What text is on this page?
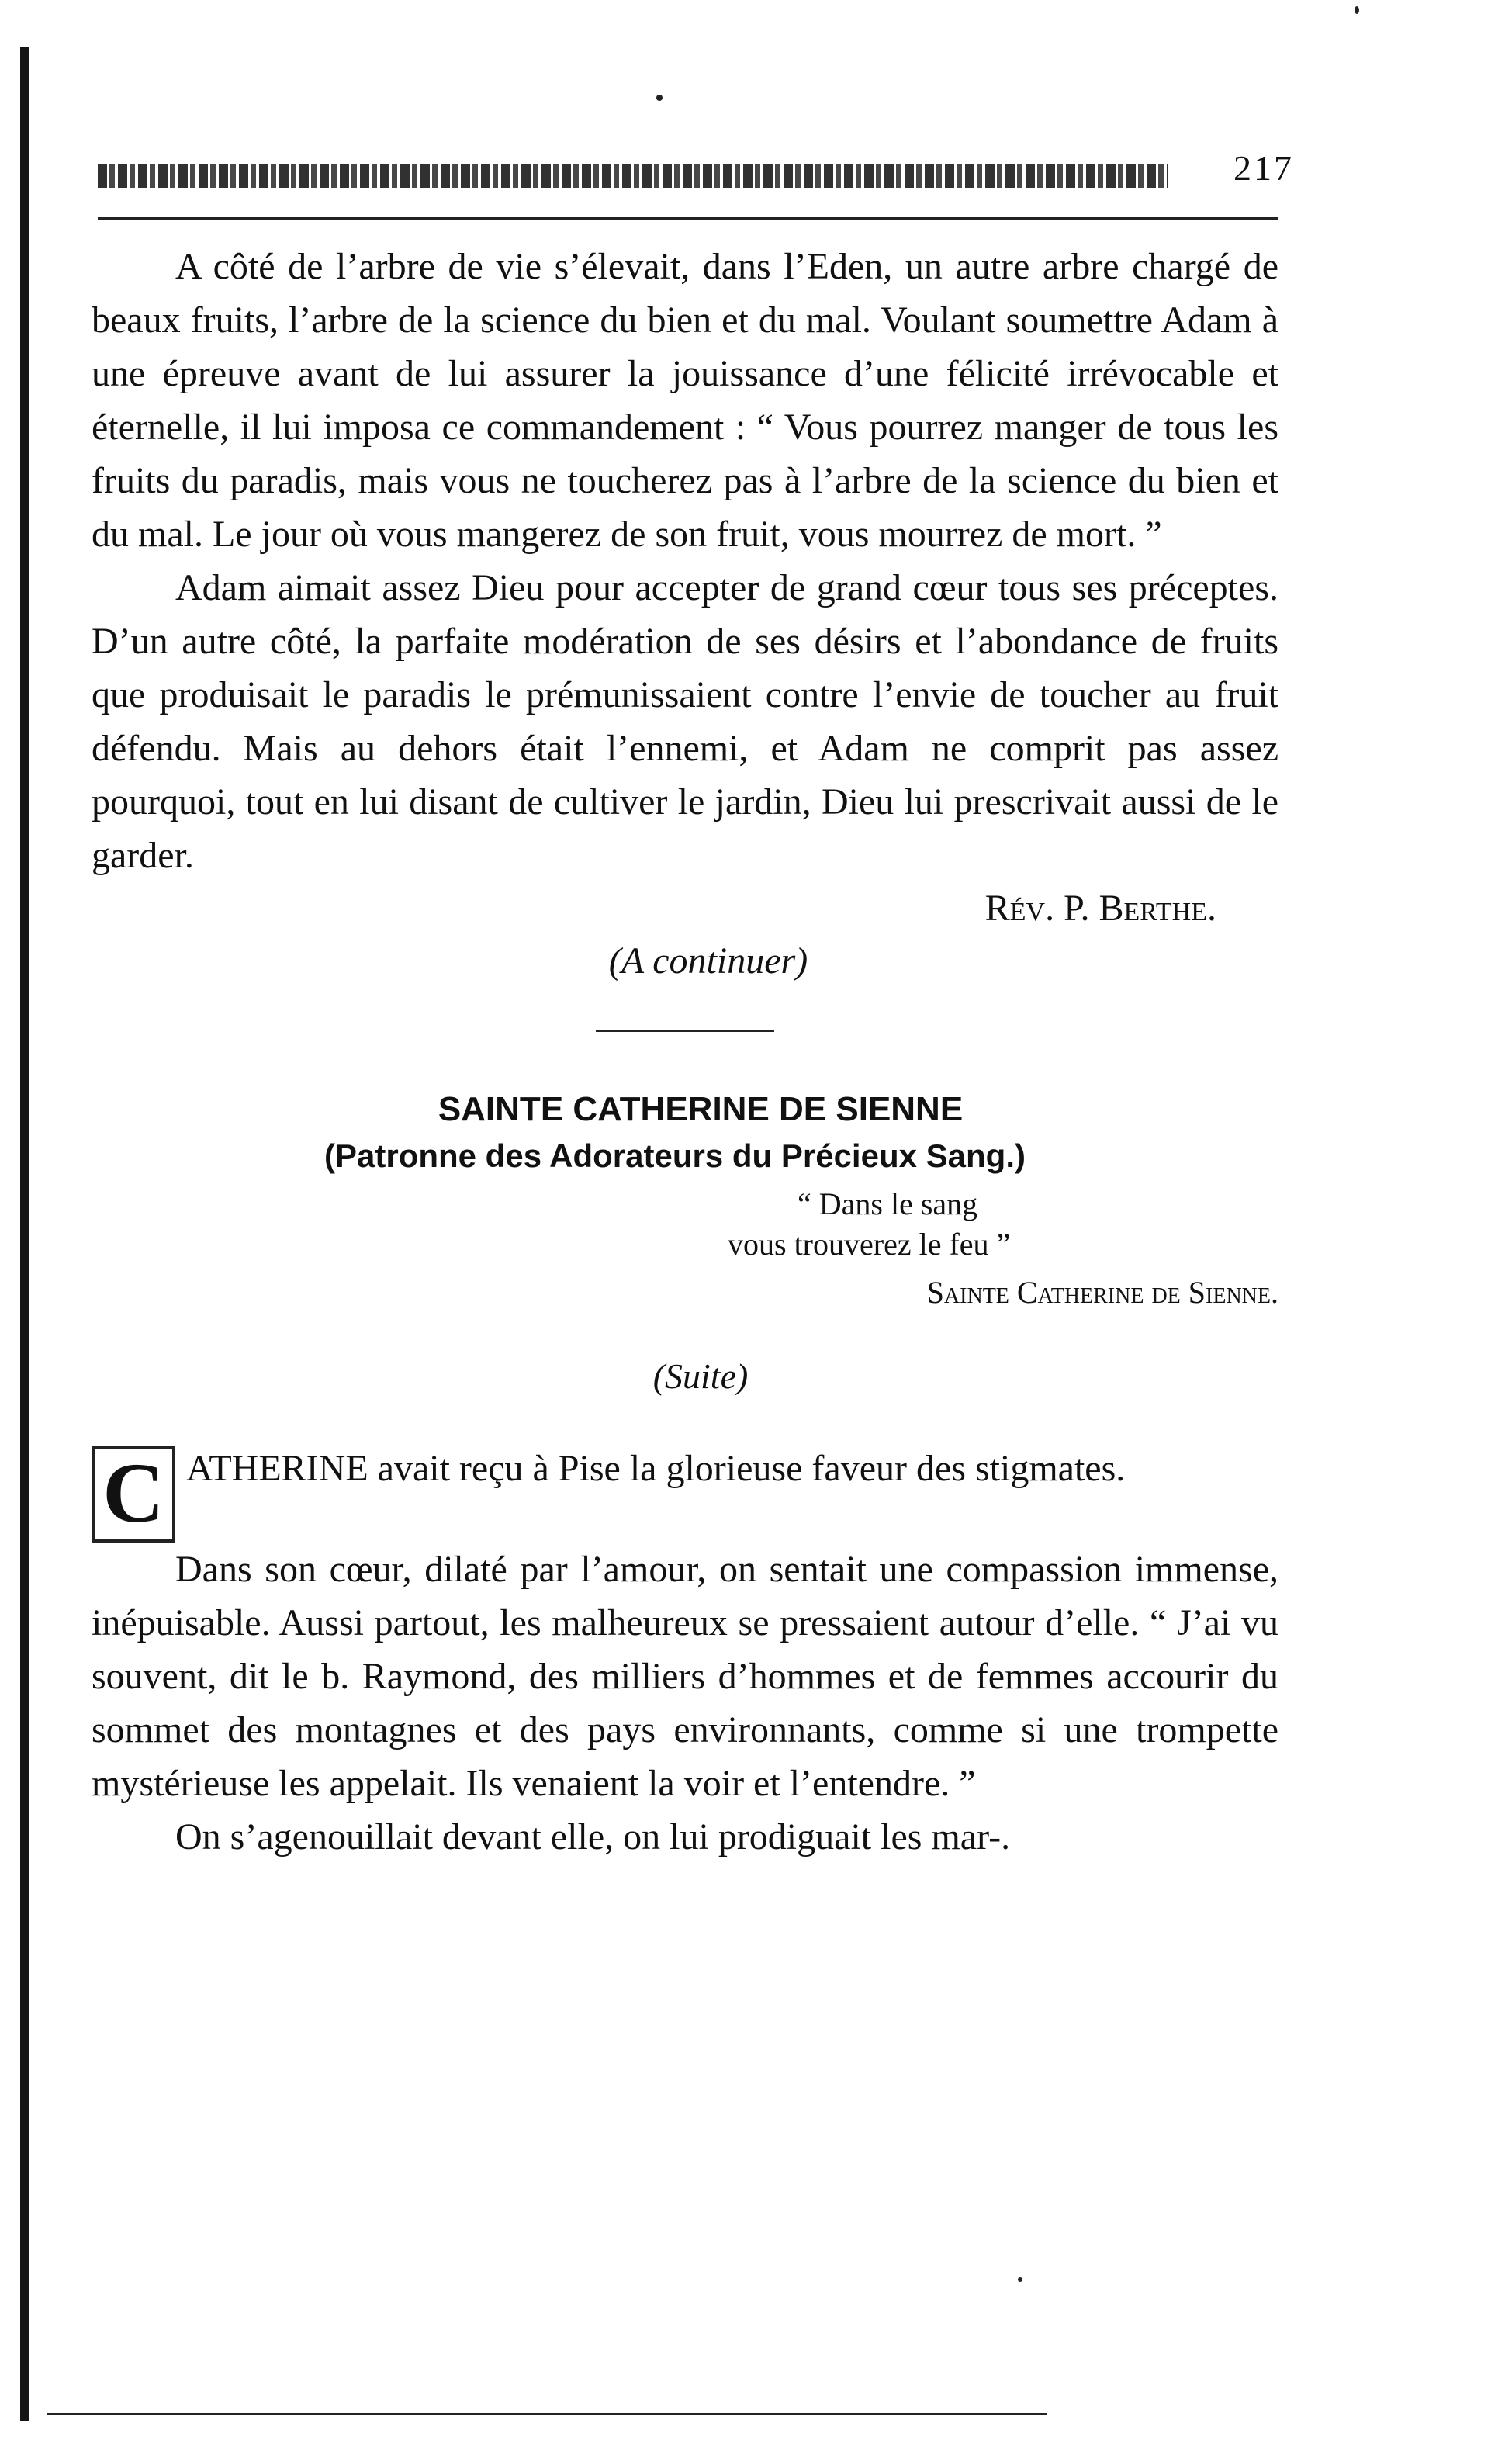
217

A côté de l’arbre de vie s’élevait, dans l’Eden, un autre arbre chargé de beaux fruits, l’arbre de la science du bien et du mal. Voulant soumettre Adam à une épreuve avant de lui assurer la jouissance d’une félicité irrévocable et éternelle, il lui imposa ce commandement : “ Vous pourrez manger de tous les fruits du paradis, mais vous ne toucherez pas à l’arbre de la science du bien et du mal. Le jour où vous mangerez de son fruit, vous mourrez de mort. ”

Adam aimait assez Dieu pour accepter de grand cœur tous ses préceptes. D’un autre côté, la parfaite modération de ses désirs et l’abondance de fruits que produisait le paradis le prémunissaient contre l’envie de toucher au fruit défendu. Mais au dehors était l’ennemi, et Adam ne comprit pas assez pourquoi, tout en lui disant de cultiver le jardin, Dieu lui prescrivait aussi de le garder.

Rév. P. Berthe.

(A continuer)

SAINTE CATHERINE DE SIENNE

(Patronne des Adorateurs du Précieux Sang.)

“ Dans le sang
vous trouverez le feu ”

Sainte Catherine de Sienne.

(Suite)

C ATHERINE avait reçu à Pise la glorieuse faveur des stigmates.

Dans son cœur, dilaté par l’amour, on sentait une compassion immense, inépuisable. Aussi partout, les malheureux se pressaient autour d’elle. “ J’ai vu souvent, dit le b. Raymond, des milliers d’hommes et de femmes accourir du sommet des montagnes et des pays environnants, comme si une trompette mystérieuse les appelait. Ils venaient la voir et l’entendre. ”

On s’agenouillait devant elle, on lui prodiguait les mar-.
